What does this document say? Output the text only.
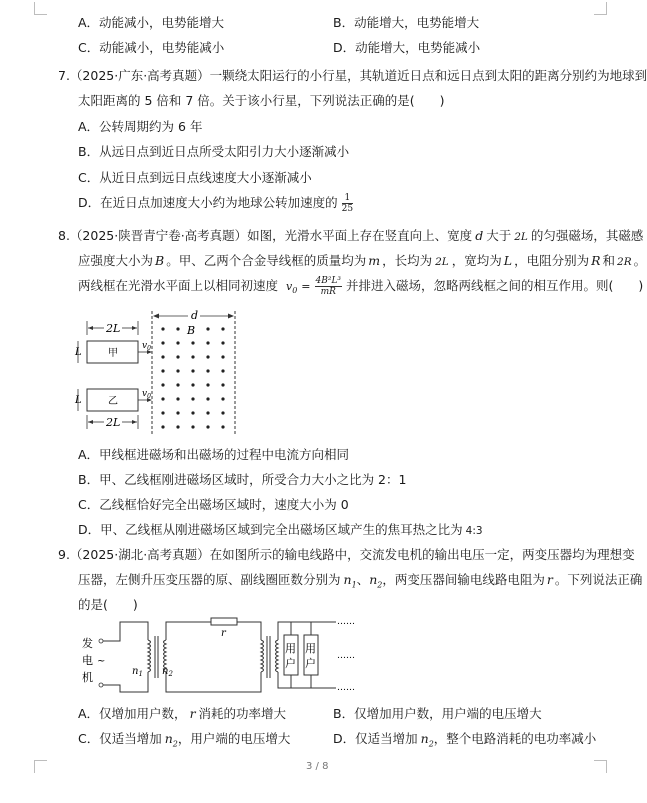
A．动能减小，电势能增大	B．动能增大，电势能增大
C．动能减小，电势能减小	D．动能增大，电势能减小
7.（2025·广东·高考真题）一颗绕太阳运行的小行星，其轨道近日点和远日点到太阳的距离分别约为地球到
太阳距离的 5 倍和 7 倍。关于该小行星，下列说法正确的是(　　)
A．公转周期约为 6 年
B．从远日点到近日点所受太阳引力大小逐渐减小
C．从近日点到远日点线速度大小逐渐减小
D．在近日点加速度大小约为地球公转加速度的 $\frac{1}{25}$
8.（2025·陕晋青宁卷·高考真题）如图，光滑水平面上存在竖直向上、宽度 d 大于 2L 的匀强磁场，其磁感
应强度大小为 B 。甲、乙两个合金导线框的质量均为 m ，长均为 2L ，宽均为 L ，电阻分别为 R 和 2R 。
两线框在光滑水平面上以相同初速度 $v_0 = \frac{\text{4B²L³}}{mR}$ 并排进入磁场，忽略两线框之间的相互作用。则(　　)
d
B
2L
甲
L
$v_0$
乙
L
$v_0$
2L
A．甲线框进磁场和出磁场的过程中电流方向相同
B．甲、乙线框刚进磁场区域时，所受合力大小之比为 2：1
C．乙线框恰好完全出磁场区域时，速度大小为 0
D．甲、乙线框从刚进磁场区域到完全出磁场区域产生的焦耳热之比为 4:3
9.（2025·湖北·高考真题）在如图所示的输电线路中，交流发电机的输出电压一定，两变压器均为理想变
压器，左侧升压变压器的原、副线圈匝数分别为 $n_1$、$n_2$，两变压器间输电线路电阻为 r 。下列说法正确
的是(　　)
发
电
机
~
$n_1$ $n_2$
r
用
户
用
户
……
……
……
A．仅增加用户数， r 消耗的功率增大	B．仅增加用户数，用户端的电压增大
C．仅适当增加 $n_2$，用户端的电压增大	D．仅适当增加 $n_2$，整个电路消耗的电功率减小
3 / 8
